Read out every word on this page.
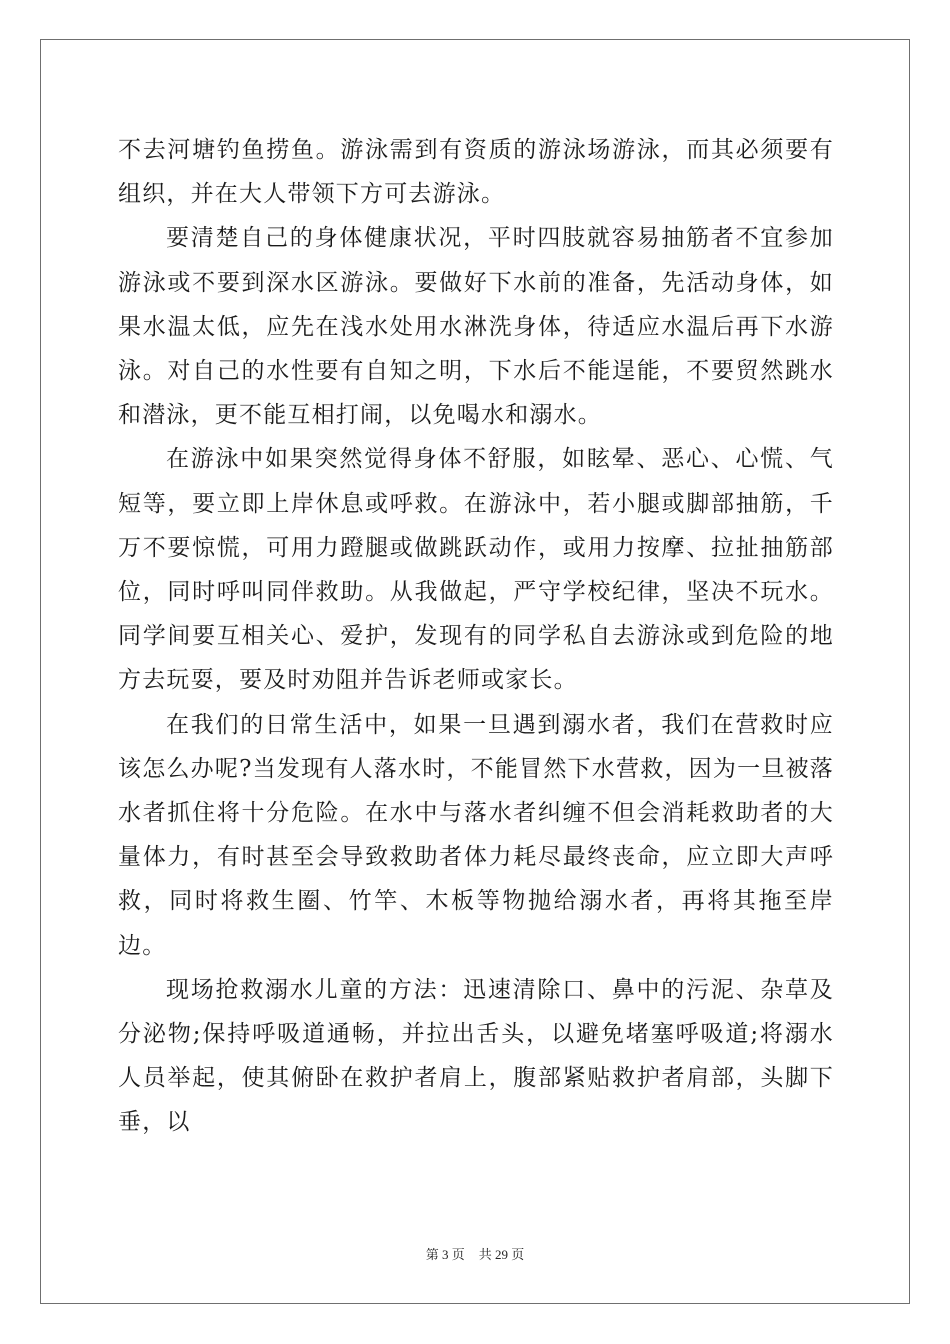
不去河塘钓鱼捞鱼。游泳需到有资质的游泳场游泳，而其必须要有组织，并在大人带领下方可去游泳。

要清楚自己的身体健康状况，平时四肢就容易抽筋者不宜参加游泳或不要到深水区游泳。要做好下水前的准备，先活动身体，如果水温太低，应先在浅水处用水淋洗身体，待适应水温后再下水游泳。对自己的水性要有自知之明，下水后不能逞能，不要贸然跳水和潜泳，更不能互相打闹，以免喝水和溺水。

在游泳中如果突然觉得身体不舒服，如眩晕、恶心、心慌、气短等，要立即上岸休息或呼救。在游泳中，若小腿或脚部抽筋，千万不要惊慌，可用力蹬腿或做跳跃动作，或用力按摩、拉扯抽筋部位，同时呼叫同伴救助。从我做起，严守学校纪律，坚决不玩水。同学间要互相关心、爱护，发现有的同学私自去游泳或到危险的地方去玩耍，要及时劝阻并告诉老师或家长。

在我们的日常生活中，如果一旦遇到溺水者，我们在营救时应该怎么办呢?当发现有人落水时，不能冒然下水营救，因为一旦被落水者抓住将十分危险。在水中与落水者纠缠不但会消耗救助者的大量体力，有时甚至会导致救助者体力耗尽最终丧命，应立即大声呼救，同时将救生圈、竹竿、木板等物抛给溺水者，再将其拖至岸边。

现场抢救溺水儿童的方法：迅速清除口、鼻中的污泥、杂草及分泌物;保持呼吸道通畅，并拉出舌头，以避免堵塞呼吸道;将溺水人员举起，使其俯卧在救护者肩上，腹部紧贴救护者肩部，头脚下垂，以

第 3 页 共 29 页
